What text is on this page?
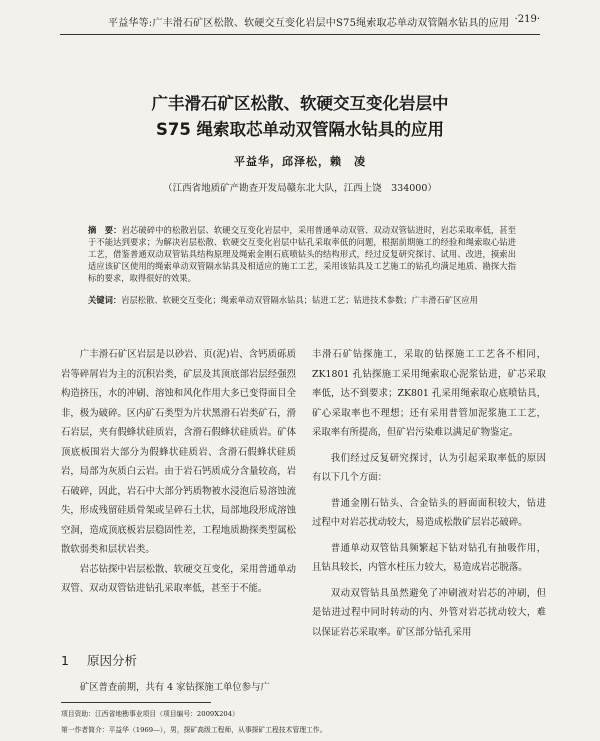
平益华等:广丰滑石矿区松散、软硬交互变化岩层中S75绳索取芯单动双管隔水钻具的应用 ·219·
广丰滑石矿区松散、软硬交互变化岩层中
S75 绳索取芯单动双管隔水钻具的应用
平益华，邱泽松，赖　凌
（江西省地质矿产勘查开发局赣东北大队，江西上饶　334000）
摘　要：岩芯破碎中的松散岩层、软硬交互变化岩层中，采用普通单动双管、双动双管钻进时，岩芯采取率低，甚至于不能达到要求；为解决岩层松散、软硬交互变化岩层中钻孔采取率低的问题，根据前期施工的经验和绳索取心钻进工艺，借鉴普通双动双管钻具结构原理及绳索金刚石底喷钻头的结构形式，经过反复研究探讨、试用、改进，摸索出适应该矿区使用的绳索单动双管隔水钻具及相适应的施工工艺，采用该钻具及工艺施工的钻孔均满足地质、勘探大指标的要求，取得很好的效果。
关键词：岩层松散、软硬交互变化；绳索单动双管隔水钻具；钻进工艺；钻进技术参数；广丰滑石矿区应用

广丰滑石矿区岩层是以砂岩、页(泥)岩、含钙质砾质岩等碎屑岩为主的沉积岩类，矿层及其顶底部岩层经强烈构造挤压，水的冲刷、溶蚀和风化作用大多已变得面目全非，极为破碎。区内矿石类型为片状黑滑石岩类矿石，滑石岩层，夹有假蜂状硅质岩，含滑石假蜂状硅质岩。矿体顶底板围岩大部分为假蜂状硅质岩、含滑石假蜂状硅质岩，局部为灰质白云岩。由于岩石钙质成分含量较高，岩石破碎，因此，岩石中大部分钙质物被水浸泡后易溶蚀流失，形成残留硅质骨架或呈碎石土状，局部地段形成溶蚀空洞，造成顶底板岩层稳固性差，工程地质勘探类型属松散软弱类和层状岩类。

岩芯钻探中岩层松散、软硬交互变化，采用普通单动双管、双动双管钻进钻孔采取率低，甚至于不能。

1 原因分析
矿区普查前期，共有 4 家钻探施工单位参与广

丰滑石矿钻探施工，采取的钻探施工工艺各不相同，ZK1801 孔钻探施工采用绳索取心泥浆钻进，矿芯采取率低，达不到要求；ZK801 孔采用绳索取心底喷钻具，矿心采取率也不理想；还有采用普管加泥浆施工工艺，采取率有所提高，但矿岩污染难以满足矿物鉴定。

我们经过反复研究探讨，认为引起采取率低的原因有以下几个方面：

普通金刚石钻头、合金钻头的唇面面积较大，钻进过程中对岩芯扰动较大，易造成松散矿层岩芯破碎。

普通单动双管钻具频繁起下钻对钻孔有抽吸作用，且钻具较长，内管水柱压力较大，易造成岩芯脱落。

双动双管钻具虽然避免了冲刷液对岩芯的冲刷，但是钻进过程中同时转动的内、外管对岩芯扰动较大，难以保证岩芯采取率。矿区部分钻孔采用

项目资助：江西省地勘事业项目（项目编号：2009X204）
第一作者简介：平益华（1969—），男，探矿高级工程师，从事探矿工程技术管理工作。
